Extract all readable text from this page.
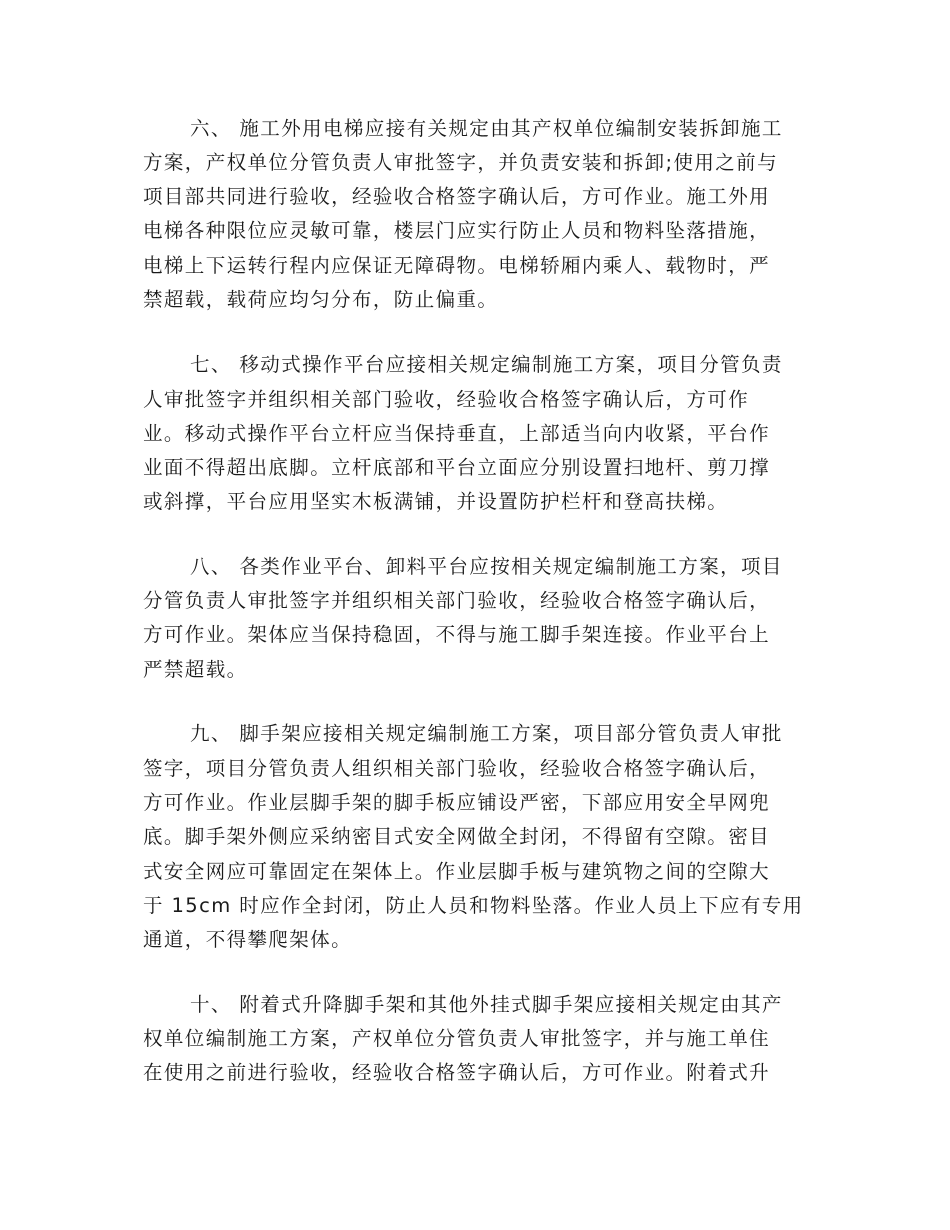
六、 施工外用电梯应接有关规定由其产权单位编制安装拆卸施工
方案，产权单位分管负责人审批签字，并负责安装和拆卸;使用之前与
项目部共同进行验收，经验收合格签字确认后，方可作业。施工外用
电梯各种限位应灵敏可靠，楼层门应实行防止人员和物料坠落措施，
电梯上下运转行程内应保证无障碍物。电梯轿厢内乘人、载物时，严
禁超载，载荷应均匀分布，防止偏重。
七、 移动式操作平台应接相关规定编制施工方案，项目分管负责
人审批签字并组织相关部门验收，经验收合格签字确认后，方可作
业。移动式操作平台立杆应当保持垂直，上部适当向内收紧，平台作
业面不得超出底脚。立杆底部和平台立面应分别设置扫地杆、剪刀撑
或斜撑，平台应用坚实木板满铺，并设置防护栏杆和登高扶梯。
八、 各类作业平台、卸料平台应按相关规定编制施工方案，项目
分管负责人审批签字并组织相关部门验收，经验收合格签字确认后，
方可作业。架体应当保持稳固，不得与施工脚手架连接。作业平台上
严禁超载。
九、 脚手架应接相关规定编制施工方案，项目部分管负责人审批
签字，项目分管负责人组织相关部门验收，经验收合格签字确认后，
方可作业。作业层脚手架的脚手板应铺设严密，下部应用安全早网兜
底。脚手架外侧应采纳密目式安全网做全封闭，不得留有空隙。密目
式安全网应可靠固定在架体上。作业层脚手板与建筑物之间的空隙大
于 15cm 时应作全封闭，防止人员和物料坠落。作业人员上下应有专用
通道，不得攀爬架体。
十、 附着式升降脚手架和其他外挂式脚手架应接相关规定由其产
权单位编制施工方案，产权单位分管负责人审批签字，并与施工单住
在使用之前进行验收，经验收合格签字确认后，方可作业。附着式升
